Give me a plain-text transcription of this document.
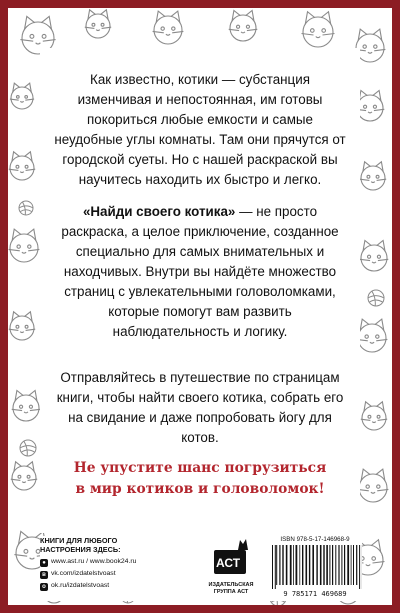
Как известно, котики — субстанция изменчивая и непостоянная, им готовы покориться любые емкости и самые неудобные углы комнаты. Там они прячутся от городской суеты. Но с нашей раскраской вы научитесь находить их быстро и легко.

«Найди своего котика» — не просто раскраска, а целое приключение, созданное специально для самых внимательных и находчивых. Внутри вы найдёте множество страниц с увлекательными головоломками, которые помогут вам развить наблюдательность и логику.

Отправляйтесь в путешествие по страницам книги, чтобы найти своего котика, собрать его на свидание и даже попробовать йогу для котов.

Не упустите шанс погрузиться
в мир котиков и головоломок!

КНИГИ ДЛЯ ЛЮБОГО НАСТРОЕНИЯ ЗДЕСЬ:

● www.ast.ru / www.book24.ru
в vk.com/izdatelstvoast
о ok.ru/izdatelstvoast
АСТ
ИЗДАТЕЛЬСКАЯ ГРУППА АСТ
ISBN 978-5-17-146968-9
9 785171 469689
